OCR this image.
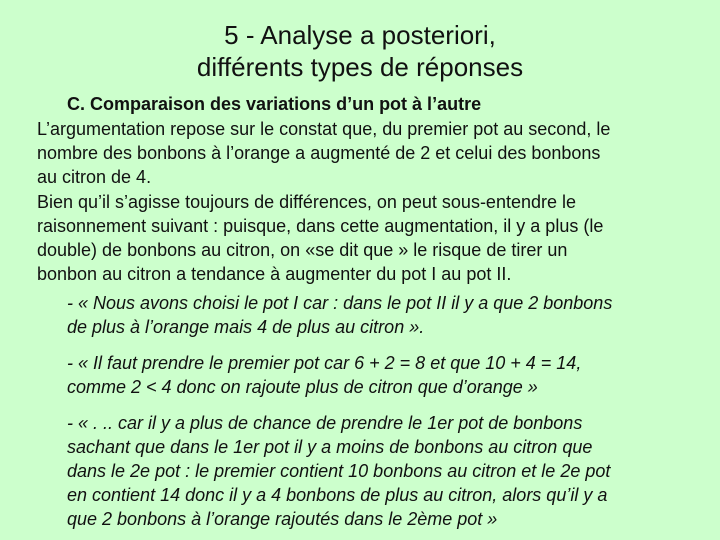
5 - Analyse a posteriori,
différents types de réponses
C. Comparaison des variations d’un pot à l’autre
L’argumentation repose sur le constat que, du premier pot au second, le
nombre des bonbons à l’orange a augmenté de 2 et celui des bonbons
au citron de 4.
Bien qu’il s’agisse toujours de différences, on peut sous-entendre le
raisonnement suivant : puisque, dans cette augmentation, il y a plus (le
double) de bonbons au citron, on «se dit que » le risque de tirer un
bonbon au citron a tendance à augmenter du pot I au pot II.
- « Nous avons choisi le pot I car : dans le pot II il y a que 2 bonbons
de plus à l’orange mais 4 de plus au citron ».
- « Il faut prendre le premier pot car 6 + 2 = 8 et que 10 + 4 = 14,
comme 2 < 4 donc on rajoute plus de citron que d’orange »
- « . .. car il y a plus de chance de prendre le 1er pot de bonbons
sachant que dans le 1er pot il y a moins de bonbons au citron que
dans le 2e pot : le premier contient 10 bonbons au citron et le 2e pot
en contient 14 donc il y a 4 bonbons de plus au citron, alors qu’il y a
que 2 bonbons à l’orange rajoutés dans le 2ème pot »
